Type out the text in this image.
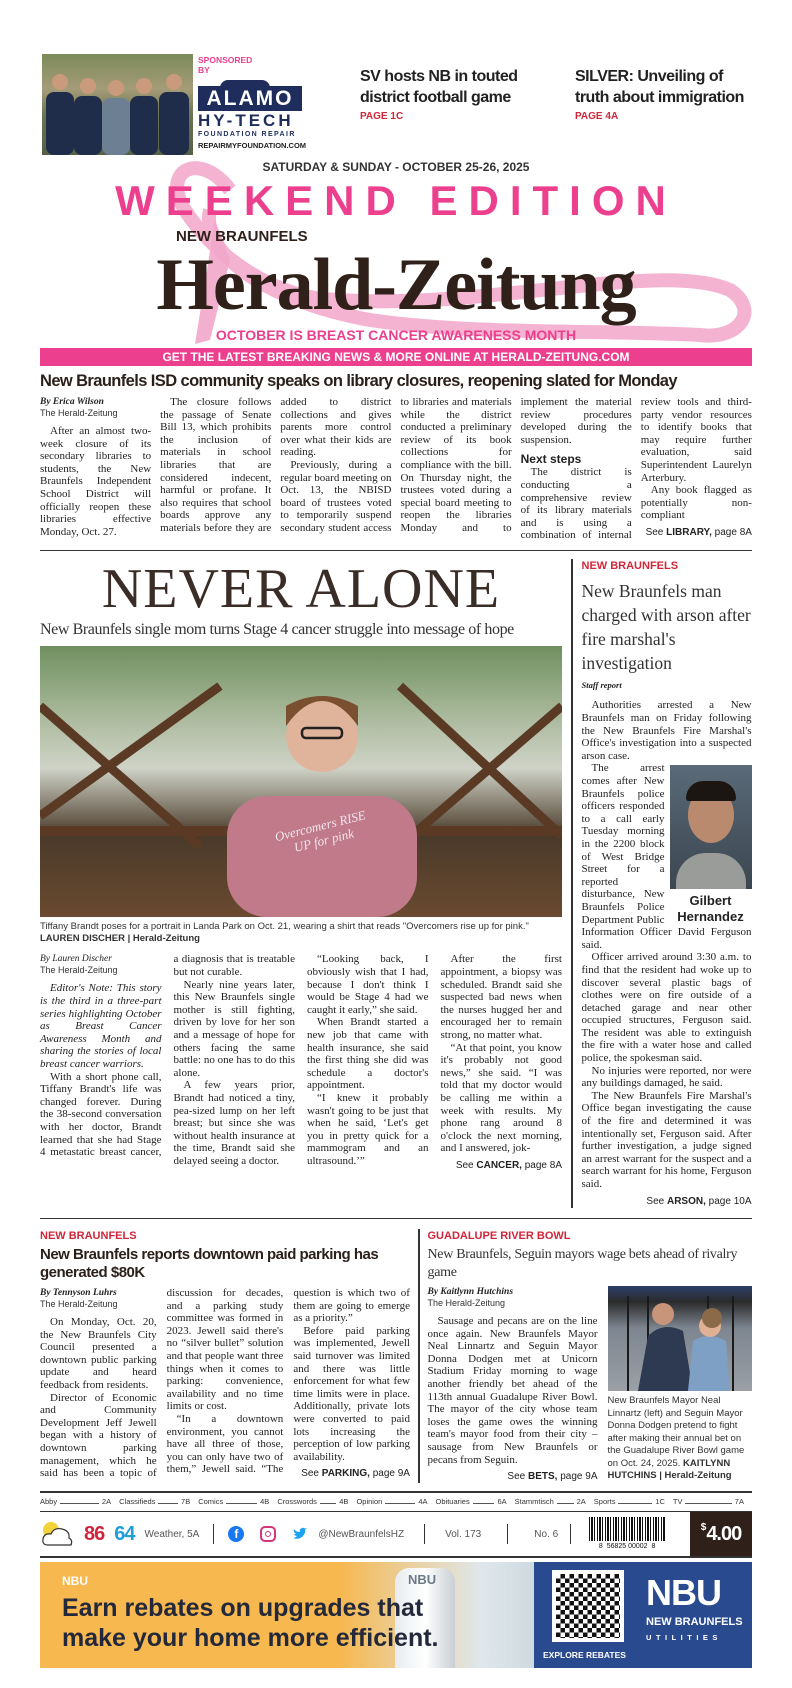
SPONSORED BY
ALAMO
HY-TECH
FOUNDATION REPAIR
REPAIRMYFOUNDATION.COM
SV hosts NB in touted district football game
PAGE 1C
SILVER: Unveiling of truth about immigration
PAGE 4A
SATURDAY & SUNDAY - OCTOBER 25-26, 2025
WEEKEND EDITION
NEW BRAUNFELS
Herald-Zeitung
OCTOBER IS BREAST CANCER AWARENESS MONTH
GET THE LATEST BREAKING NEWS & MORE ONLINE AT HERALD-ZEITUNG.COM
New Braunfels ISD community speaks on library closures, reopening slated for Monday
By Erica Wilson
The Herald-Zeitung

After an almost two-week closure of its secondary libraries to students, the New Braunfels Independent School District will officially reopen these libraries effective Monday, Oct. 27.

The closure follows the passage of Senate Bill 13, which prohibits the inclusion of materials in school libraries that are considered indecent, harmful or profane. It also requires that school boards approve any materials before they are added to district collections and gives parents more control over what their kids are reading.

Previously, during a regular board meeting on Oct. 13, the NBISD board of trustees voted to temporarily suspend secondary student access to libraries and materials while the district conducted a preliminary review of its book collections for compliance with the bill. On Thursday night, the trustees voted during a special board meeting to reopen the libraries Monday and to implement the material review procedures developed during the suspension.

Next steps

The district is conducting a comprehensive review of its library materials and is using a combination of internal review tools and third-party vendor resources to identify books that may require further evaluation, said Superintendent Laurelyn Arterbury.

Any book flagged as potentially non-compliant

See LIBRARY, page 8A
NEVER ALONE
New Braunfels single mom turns Stage 4 cancer struggle into message of hope
Overcomers RISE UP for pink
Tiffany Brandt poses for a portrait in Landa Park on Oct. 21, wearing a shirt that reads "Overcomers rise up for pink." LAUREN DISCHER | Herald-Zeitung
By Lauren Discher
The Herald-Zeitung

Editor's Note: This story is the third in a three-part series highlighting October as Breast Cancer Awareness Month and sharing the stories of local breast cancer warriors.

With a short phone call, Tiffany Brandt's life was changed forever. During the 38-second conversation with her doctor, Brandt learned that she had Stage 4 metastatic breast cancer, a diagnosis that is treatable but not curable.

Nearly nine years later, this New Braunfels single mother is still fighting, driven by love for her son and a message of hope for others facing the same battle: no one has to do this alone.

A few years prior, Brandt had noticed a tiny, pea-sized lump on her left breast; but since she was without health insurance at the time, Brandt said she delayed seeing a doctor.

“Looking back, I obviously wish that I had, because I don't think I would be Stage 4 had we caught it early,” she said.

When Brandt started a new job that came with health insurance, she said the first thing she did was schedule a doctor's appointment.

“I knew it probably wasn't going to be just that when he said, ‘Let's get you in pretty quick for a mammogram and an ultrasound.’”

After the first appointment, a biopsy was scheduled. Brandt said she suspected bad news when the nurses hugged her and encouraged her to remain strong, no matter what.

“At that point, you know it's probably not good news,” she said. “I was told that my doctor would be calling me within a week with results. My phone rang around 8 o'clock the next morning, and I answered, jok-

See CANCER, page 8A
NEW BRAUNFELS
New Braunfels man charged with arson after fire marshal's investigation
Staff report

Authorities arrested a New Braunfels man on Friday following the New Braunfels Fire Marshal's Office's investigation into a suspected arson case.

Gilbert Hernandez

The arrest comes after New Braunfels police officers responded to a call early Tuesday morning in the 2200 block of West Bridge Street for a reported disturbance, New Braunfels Police Department Public Information Officer David Ferguson said.

Officer arrived around 3:30 a.m. to find that the resident had woke up to discover several plastic bags of clothes were on fire outside of a detached garage and near other occupied structures, Ferguson said. The resident was able to extinguish the fire with a water hose and called police, the spokesman said.

No injuries were reported, nor were any buildings damaged, he said.

The New Braunfels Fire Marshal's Office began investigating the cause of the fire and determined it was intentionally set, Ferguson said. After further investigation, a judge signed an arrest warrant for the suspect and a search warrant for his home, Ferguson said.

See ARSON, page 10A
NEW BRAUNFELS
New Braunfels reports downtown paid parking has generated $80K
By Tennyson Luhrs
The Herald-Zeitung

On Monday, Oct. 20, the New Braunfels City Council presented a downtown public parking update and heard feedback from residents.

Director of Economic and Community Development Jeff Jewell began with a history of downtown parking management, which he said has been a topic of discussion for decades, and a parking study committee was formed in 2023. Jewell said there's no “silver bullet” solution and that people want three things when it comes to parking: convenience, availability and no time limits or cost.

“In a downtown environment, you cannot have all three of those, you can only have two of them,” Jewell said. “The question is which two of them are going to emerge as a priority.”

Before paid parking was implemented, Jewell said turnover was limited and there was little enforcement for what few time limits were in place. Additionally, private lots were converted to paid lots increasing the perception of low parking availability.

See PARKING, page 9A
GUADALUPE RIVER BOWL
New Braunfels, Seguin mayors wage bets ahead of rivalry game
By Kaitlynn Hutchins
The Herald-Zeitung

Sausage and pecans are on the line once again. New Braunfels Mayor Neal Linnartz and Seguin Mayor Donna Dodgen met at Unicorn Stadium Friday morning to wage another friendly bet ahead of the 113th annual Guadalupe River Bowl. The mayor of the city whose team loses the game owes the winning team's mayor food from their city – sausage from New Braunfels or pecans from Seguin.

See BETS, page 9A
New Braunfels Mayor Neal Linnartz (left) and Seguin Mayor Donna Dodgen pretend to fight after making their annual bet on the Guadalupe River Bowl game on Oct. 24, 2025. KAITLYNN HUTCHINS | Herald-Zeitung
Abby	2A Classifieds	7B Comics	4B Crosswords	4B Opinion	4A Obituaries	6A Stammtisch	2A Sports	1C TV	7A
86 64 Weather, 5A	f	@NewBraunfelsHZ	Vol. 173	No. 6
8  56825 00002  8
$ 4.00
NBU
NBU
Earn rebates on upgrades that
make your home more efficient.
EXPLORE REBATES
NBU
NEW BRAUNFELS
UTILITIES
